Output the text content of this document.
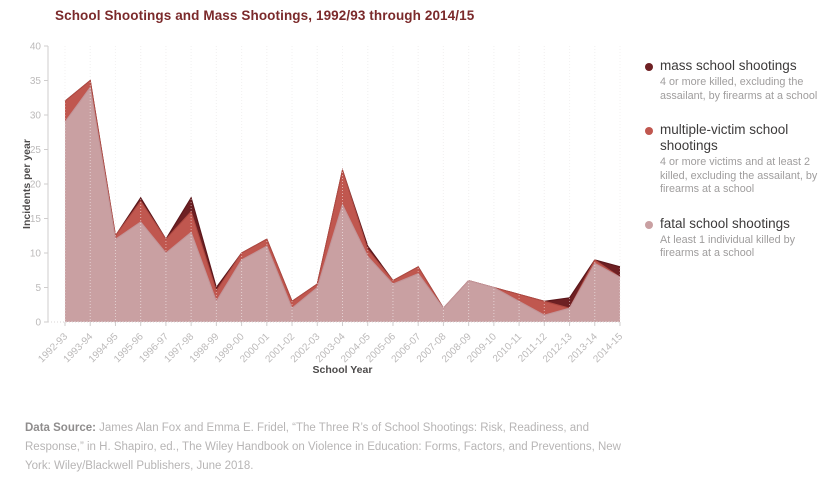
School Shootings and Mass Shootings, 1992/93 through 2014/15
0
5
10
15
20
25
30
35
40
1992-93
1993-94
1994-95
1995-96
1996-97
1997-98
1998-99
1999-00
2000-01
2001-02
2002-03
2003-04
2004-05
2005-06
2006-07
2007-08
2008-09
2009-10
2010-11
2011-12
2012-13
2013-14
2014-15
Incidents per year
School Year
mass school shootings
4 or more killed, excluding the assailant, by firearms at a school
multiple-victim school shootings
4 or more victims and at least 2 killed, excluding the assailant, by firearms at a school
fatal school shootings
At least 1 individual killed by firearms at a school

Data Source: James Alan Fox and Emma E. Fridel, “The Three R’s of School Shootings: Risk, Readiness, and Response,” in H. Shapiro, ed., The Wiley Handbook on Violence in Education: Forms, Factors, and Preventions, New York: Wiley/Blackwell Publishers, June 2018.
